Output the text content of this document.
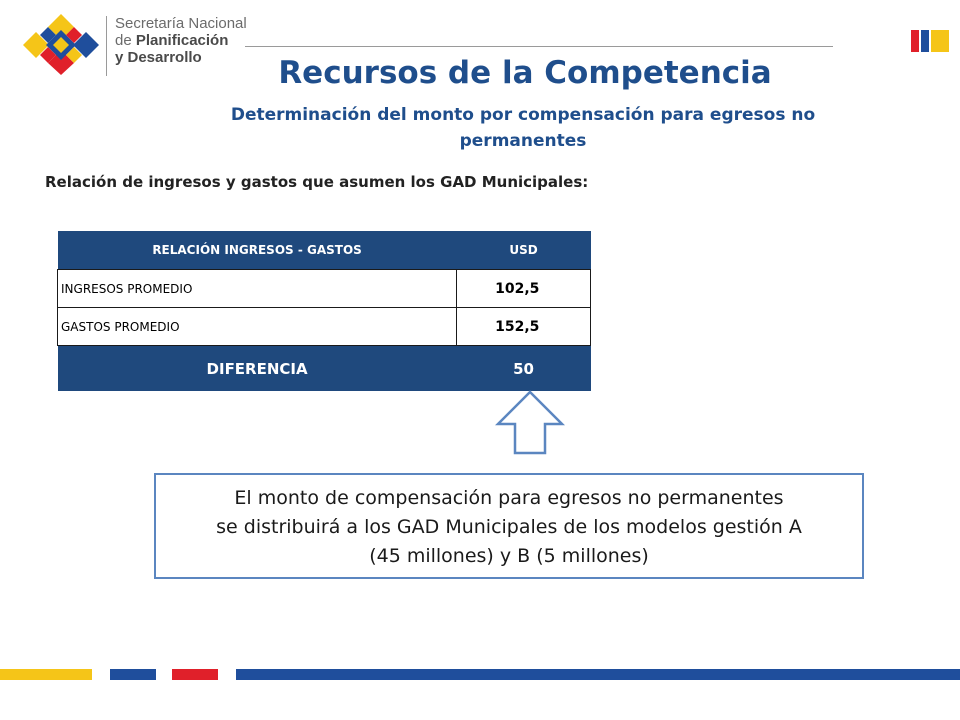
Secretaría Nacional
de Planificación
y Desarrollo	Recursos de la Competencia
Determinación del monto por compensación para egresos no permanentes
Relación de ingresos y gastos que asumen los GAD Municipales:
RELACIÓN INGRESOS - GASTOS	USD
INGRESOS PROMEDIO	102,5
GASTOS PROMEDIO	152,5
DIFERENCIA	50
El monto de compensación para egresos no permanentes
se distribuirá a los GAD Municipales de los modelos gestión A
(45 millones) y B (5 millones)
